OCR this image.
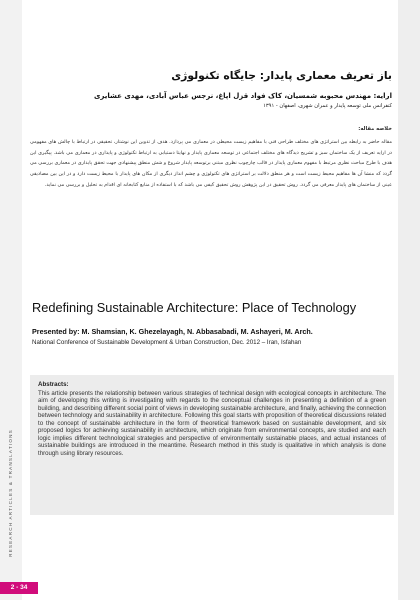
RESEARCH ARTICLES & TRANSLATIONS
2 - 34
باز تعریف معماری پایدار: جایگاه تکنولوژی
ارایه: مهندس محبوبه شمسیان، کاک فواد قزل اپاغ، نرجس عباس آبادی، مهدی عشایری
کنفرانس ملی توسعه پایدار و عمران شهری، اصفهان - ۱۳۹۱
خلاصه مقاله:
مقاله حاضر به رابطه بین استراتژی های مختلف طراحی فنی با مفاهیم زیست محیطی در معماری می پردازد. هدف از تدوین این نوشتار، تحقیقی در ارتباط با چالش های مفهومی در ارایه تعریف از یک ساختمان سبز و تشریح دیدگاه های مختلف اجتماعی در توسعه معماری پایدار و نهایتا دستیابی به ارتباط تکنولوژی و پایداری در معماری می باشد. پیگیری این هدف با طرح مباحث نظری مرتبط با مفهوم معماری پایدار در قالب چارچوب نظری مبتنی برتوسعه پایدار شروع و شش منطق پیشنهادی جهت تحقق پایداری در معماری بررسی می گردد که منشا آن ها مفاهیم محیط زیست است و هر منطق دلالت بر استراتژی های تکنولوژی و چشم انداز دیگری از مکان های پایدار با محیط زیست دارد و در این بین مصادیقی عینی از ساختمان های پایدار معرفی می گردد. روش تحقیق در این پژوهش روش تحقیق کیفی می باشد که با استفاده از منابع کتابخانه ای اقدام به تحلیل و بررسی می نماید.
Redefining Sustainable Architecture: Place of Technology
Presented by: M. Shamsian, K. Ghezelayagh, N. Abbasabadi, M. Ashayeri, M. Arch.
National Conference of Sustainable Development & Urban Construction, Dec. 2012 – Iran, Isfahan
Abstracts:
This article presents the relationship between various strategies of technical design with ecological concepts in architecture. The aim of developing this writing is investigating with regards to the conceptual challenges in presenting a definition of a green building, and describing different social point of views in developing sustainable architecture, and finally, achieving the connection between technology and sustainability in architecture. Following this goal starts with proposition of theoretical discussions related to the concept of sustainable architecture in the form of theoretical framework based on sustainable development, and six proposed logics for achieving sustainability in architecture, which originate from environmental concepts, are studied and each logic implies different technological strategies and perspective of environmentally sustainable places, and actual instances of sustainable buildings are introduced in the meantime. Research method in this study is qualitative in which analysis is done through using library resources.
